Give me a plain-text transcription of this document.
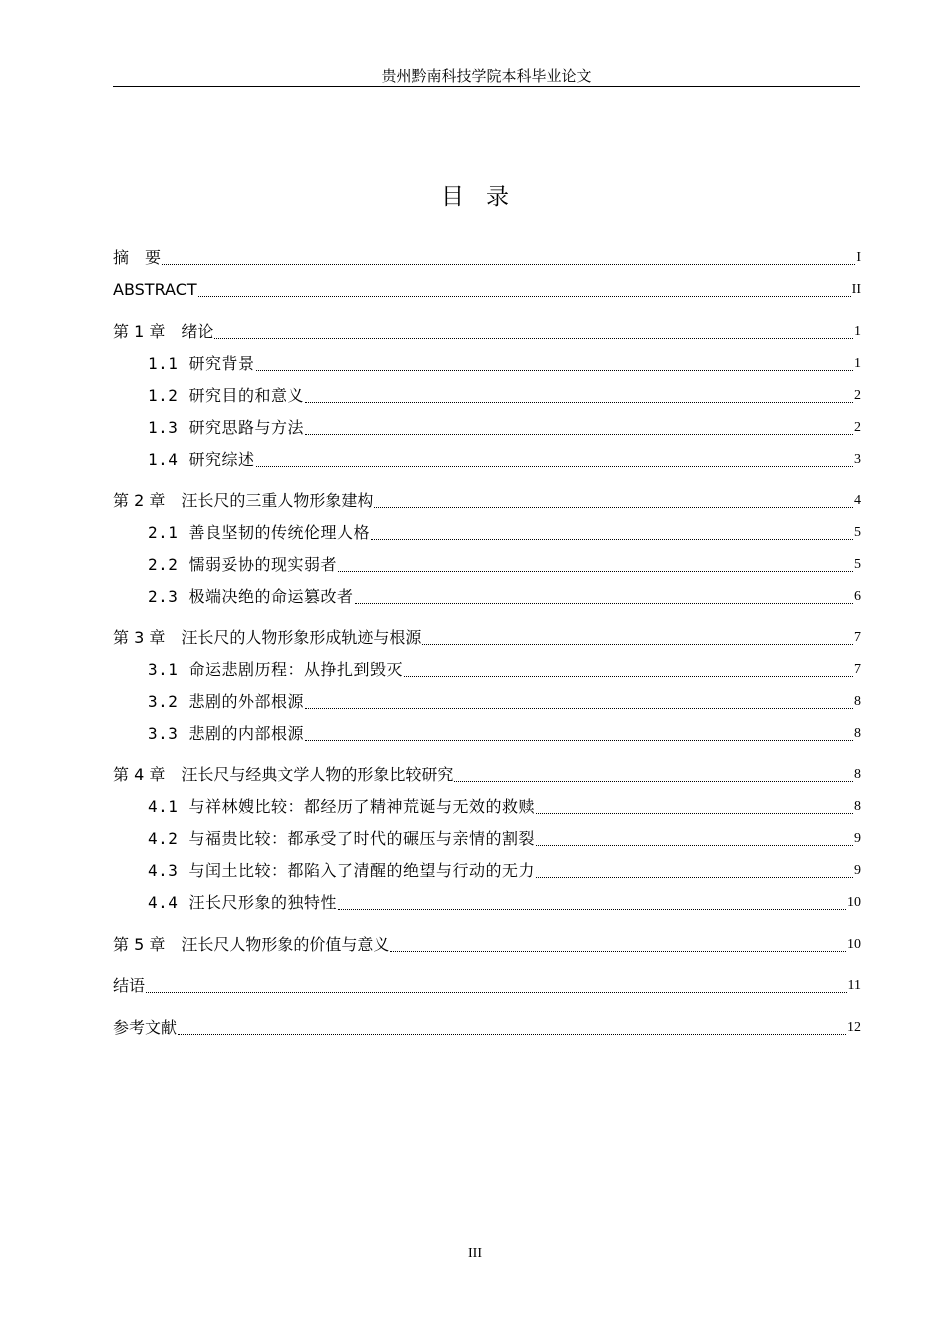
贵州黔南科技学院本科毕业论文
目录
摘　要	I
ABSTRACT	II
第 1 章　绪论	1
1.1 研究背景	1
1.2 研究目的和意义	2
1.3 研究思路与方法	2
1.4 研究综述	3
第 2 章　汪长尺的三重人物形象建构	4
2.1 善良坚韧的传统伦理人格	5
2.2 懦弱妥协的现实弱者	5
2.3 极端决绝的命运篡改者	6
第 3 章　汪长尺的人物形象形成轨迹与根源	7
3.1 命运悲剧历程：从挣扎到毁灭	7
3.2 悲剧的外部根源	8
3.3 悲剧的内部根源	8
第 4 章　汪长尺与经典文学人物的形象比较研究	8
4.1 与祥林嫂比较：都经历了精神荒诞与无效的救赎	8
4.2 与福贵比较：都承受了时代的碾压与亲情的割裂	9
4.3 与闰土比较：都陷入了清醒的绝望与行动的无力	9
4.4 汪长尺形象的独特性	10
第 5 章　汪长尺人物形象的价值与意义	10
结语	11
参考文献	12
III
